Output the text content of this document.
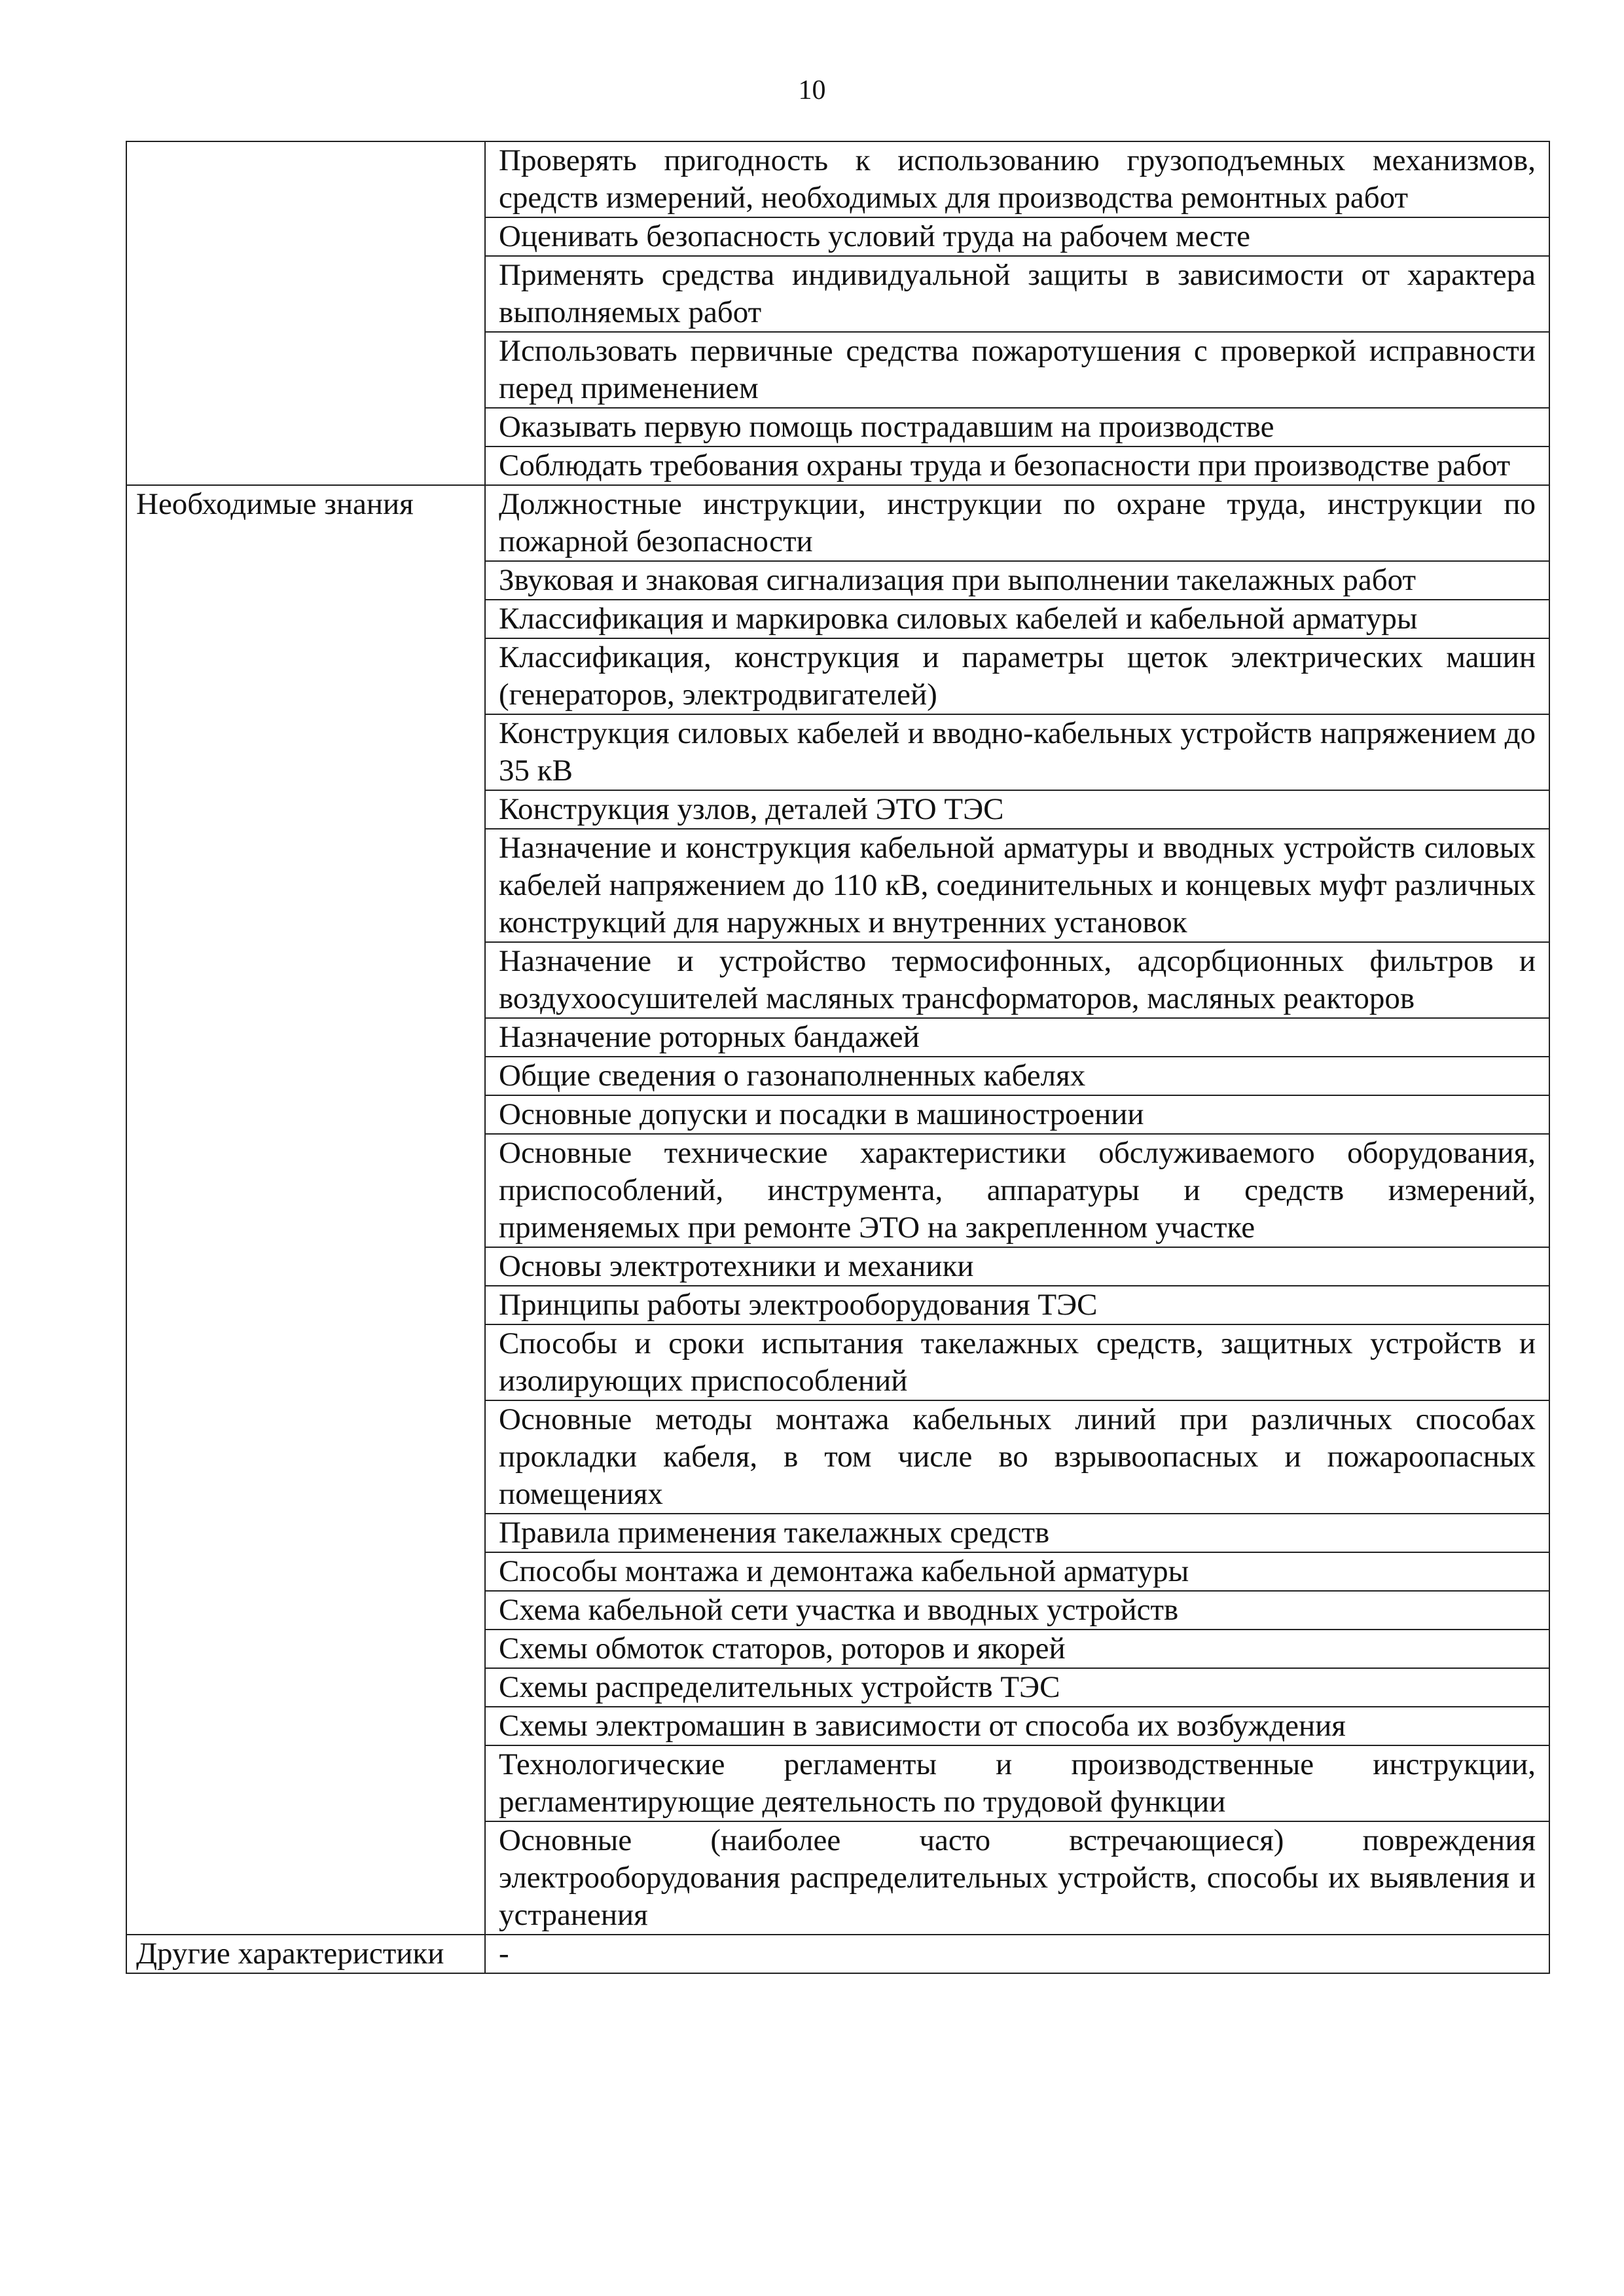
10
	Проверять пригодность к использованию грузоподъемных механизмов, средств измерений, необходимых для производства ремонтных работ
	Оценивать безопасность условий труда на рабочем месте
	Применять средства индивидуальной защиты в зависимости от характера выполняемых работ
	Использовать первичные средства пожаротушения с проверкой исправности перед применением
	Оказывать первую помощь пострадавшим на производстве
	Соблюдать требования охраны труда и безопасности при производстве работ
Необходимые знания	Должностные инструкции, инструкции по охране труда, инструкции по пожарной безопасности
	Звуковая и знаковая сигнализация при выполнении такелажных работ
	Классификация и маркировка силовых кабелей и кабельной арматуры
	Классификация, конструкция и параметры щеток электрических машин (генераторов, электродвигателей)
	Конструкция силовых кабелей и вводно-кабельных устройств напряжением до 35 кВ
	Конструкция узлов, деталей ЭТО ТЭС
	Назначение и конструкция кабельной арматуры и вводных устройств силовых кабелей напряжением до 110 кВ, соединительных и концевых муфт различных конструкций для наружных и внутренних установок
	Назначение и устройство термосифонных, адсорбционных фильтров и воздухоосушителей масляных трансформаторов, масляных реакторов
	Назначение роторных бандажей
	Общие сведения о газонаполненных кабелях
	Основные допуски и посадки в машиностроении
	Основные технические характеристики обслуживаемого оборудования, приспособлений, инструмента, аппаратуры и средств измерений, применяемых при ремонте ЭТО на закрепленном участке
	Основы электротехники и механики
	Принципы работы электрооборудования ТЭС
	Способы и сроки испытания такелажных средств, защитных устройств и изолирующих приспособлений
	Основные методы монтажа кабельных линий при различных способах прокладки кабеля, в том числе во взрывоопасных и пожароопасных помещениях
	Правила применения такелажных средств
	Способы монтажа и демонтажа кабельной арматуры
	Схема кабельной сети участка и вводных устройств
	Схемы обмоток статоров, роторов и якорей
	Схемы распределительных устройств ТЭС
	Схемы электромашин в зависимости от способа их возбуждения
	Технологические регламенты и производственные инструкции, регламентирующие деятельность по трудовой функции
	Основные (наиболее часто встречающиеся) повреждения электрооборудования распределительных устройств, способы их выявления и устранения
Другие характеристики	-
